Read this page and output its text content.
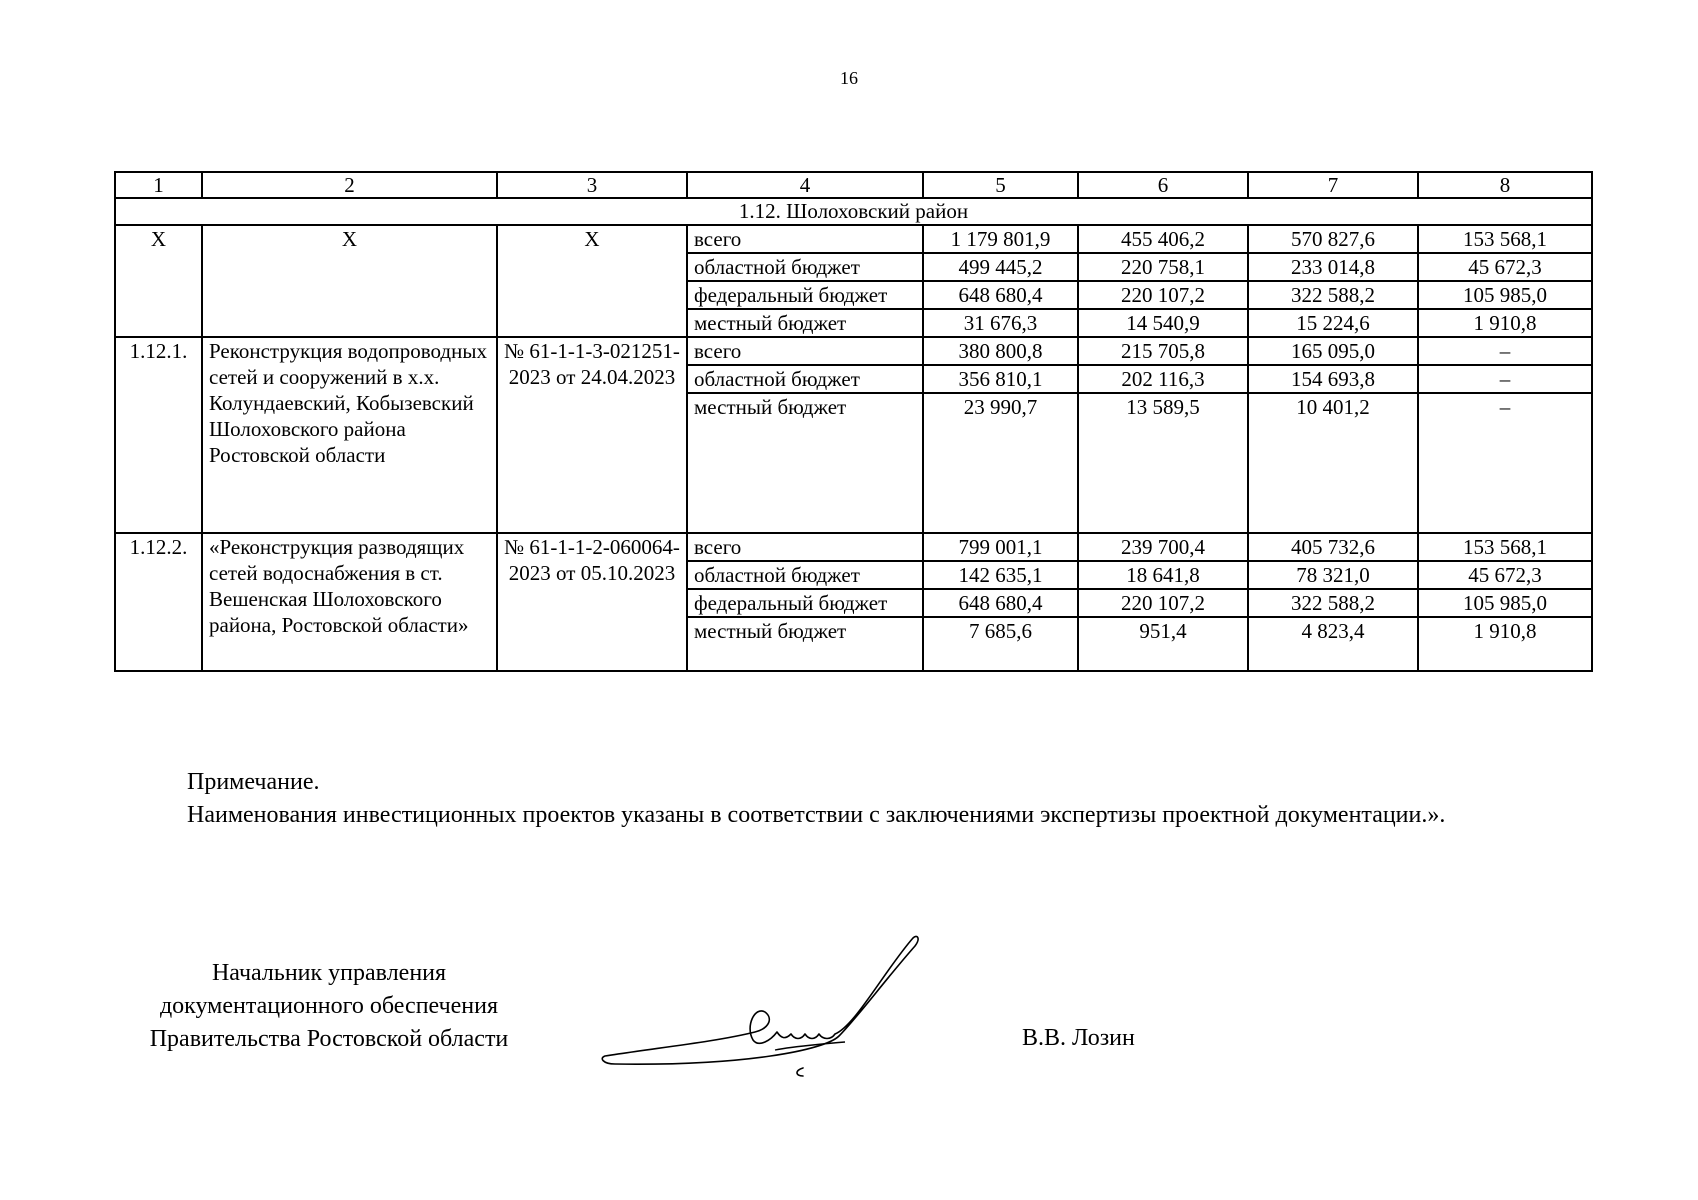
16
1	2	3	4	5	6	7	8
1.12. Шолоховский район							
Х	Х	Х	всего	1 179 801,9	455 406,2	570 827,6	153 568,1
			областной бюджет	499 445,2	220 758,1	233 014,8	45 672,3
			федеральный бюджет	648 680,4	220 107,2	322 588,2	105 985,0
			местный бюджет	31 676,3	14 540,9	15 224,6	1 910,8
1.12.1.	Реконструкция водопроводных сетей и сооружений в х.х. Колундаевский, Кобызевский Шолоховского района Ростовской области	№ 61-1-1-3-021251-2023 от 24.04.2023	всего	380 800,8	215 705,8	165 095,0	–
			областной бюджет	356 810,1	202 116,3	154 693,8	–
			местный бюджет	23 990,7	13 589,5	10 401,2	–
1.12.2.	«Реконструкция разводящих сетей водоснабжения в ст. Вешенская Шолоховского района, Ростовской области»	№ 61-1-1-2-060064-2023 от 05.10.2023	всего	799 001,1	239 700,4	405 732,6	153 568,1
			областной бюджет	142 635,1	18 641,8	78 321,0	45 672,3
			федеральный бюджет	648 680,4	220 107,2	322 588,2	105 985,0
			местный бюджет	7 685,6	951,4	4 823,4	1 910,8

Примечание.

Наименования инвестиционных проектов указаны в соответствии с заключениями экспертизы проектной документации.».

Начальник управления документационного обеспечения Правительства Ростовской области	В.В. Лозин
